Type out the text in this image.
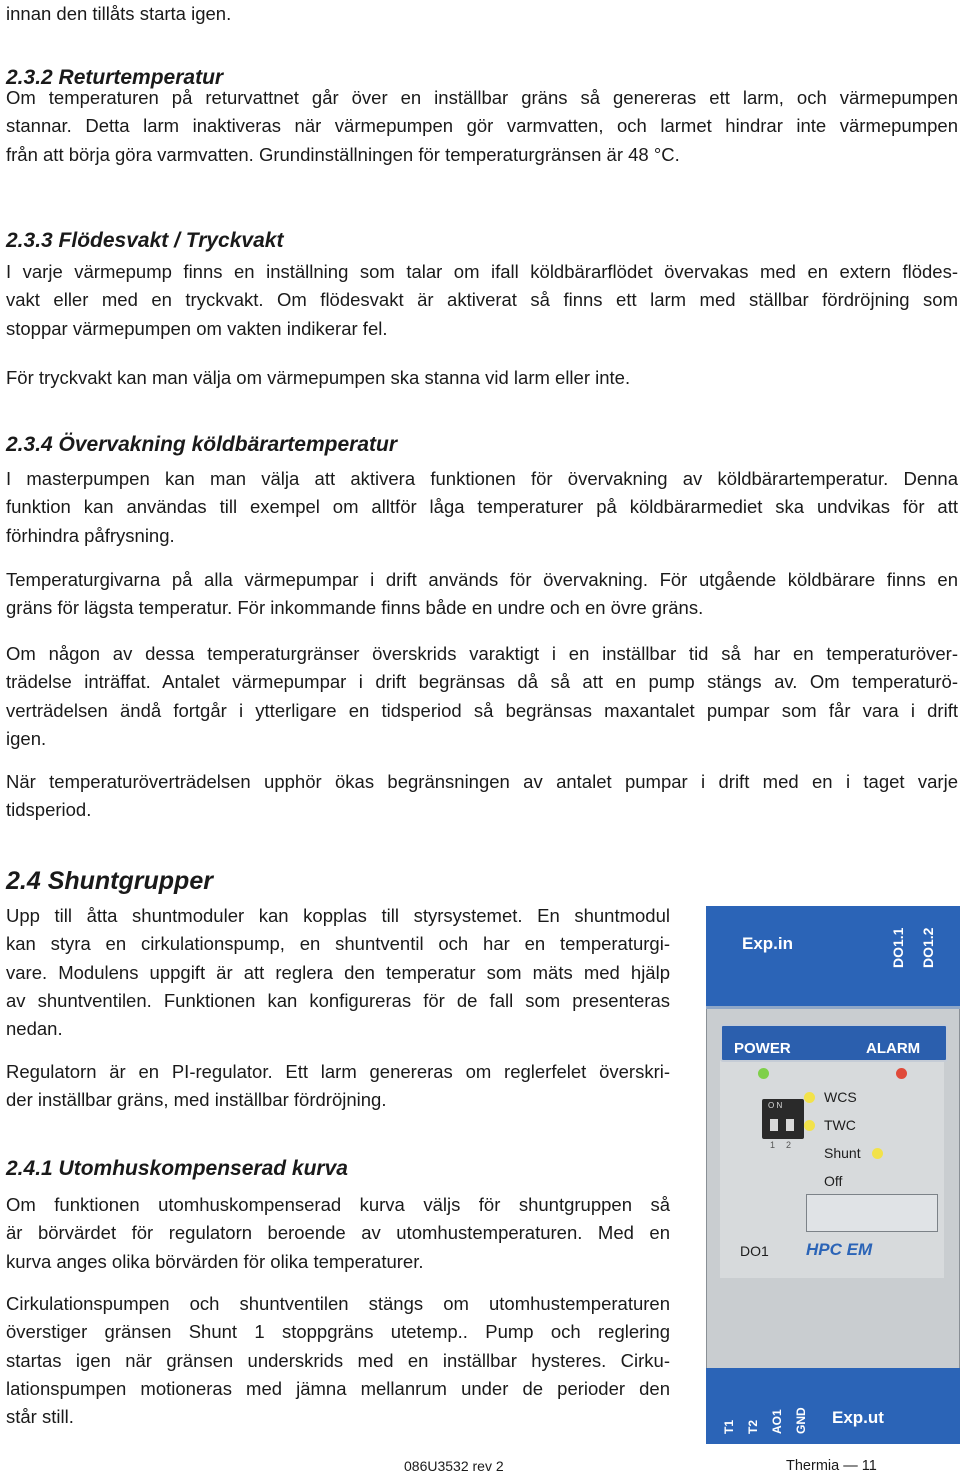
innan den tillåts starta igen.
2.3.2 Returtemperatur
Om temperaturen på returvattnet går över en inställbar gräns så genereras ett larm, och värmepumpen
stannar. Detta larm inaktiveras när värmepumpen gör varmvatten, och larmet hindrar inte värmepumpen
från att börja göra varmvatten. Grundinställningen för temperaturgränsen är 48 °C.
2.3.3 Flödesvakt / Tryckvakt
I varje värmepump finns en inställning som talar om ifall köldbärarflödet övervakas med en extern flödes-
vakt eller med en tryckvakt. Om flödesvakt är aktiverat så finns ett larm med ställbar fördröjning som
stoppar värmepumpen om vakten indikerar fel.
För tryckvakt kan man välja om värmepumpen ska stanna vid larm eller inte.
2.3.4 Övervakning köldbärartemperatur
I masterpumpen kan man välja att aktivera funktionen för övervakning av köldbärartemperatur. Denna
funktion kan användas till exempel om alltför låga temperaturer på köldbärarmediet ska undvikas för att
förhindra påfrysning.
Temperaturgivarna på alla värmepumpar i drift används för övervakning. För utgående köldbärare finns en
gräns för lägsta temperatur. För inkommande finns både en undre och en övre gräns.
Om någon av dessa temperaturgränser överskrids varaktigt i en inställbar tid så har en temperaturöver-
trädelse inträffat. Antalet värmepumpar i drift begränsas då så att en pump stängs av. Om temperaturö-
verträdelsen ändå fortgår i ytterligare en tidsperiod så begränsas maxantalet pumpar som får vara i drift
igen.
När temperaturöverträdelsen upphör ökas begränsningen av antalet pumpar i drift med en i taget varje
tidsperiod.
2.4 Shuntgrupper
Upp till åtta shuntmoduler kan kopplas till styrsystemet. En shuntmodul
kan styra en cirkulationspump, en shuntventil och har en temperaturgi-
vare. Modulens uppgift är att reglera den temperatur som mäts med hjälp
av shuntventilen. Funktionen kan konfigureras för de fall som presenteras
nedan.
Regulatorn är en PI-regulator. Ett larm genereras om reglerfelet överskri-
der inställbar gräns, med inställbar fördröjning.
2.4.1 Utomhuskompenserad kurva
Om funktionen utomhuskompenserad kurva väljs för shuntgruppen så
är börvärdet för regulatorn beroende av utomhustemperaturen. Med en
kurva anges olika börvärden för olika temperaturer.
Cirkulationspumpen och shuntventilen stängs om utomhustemperaturen
överstiger gränsen Shunt 1 stoppgräns utetemp.. Pump och reglering
startas igen när gränsen underskrids med en inställbar hysteres. Cirku-
lationspumpen motioneras med jämna mellanrum under de perioder den
står still.
Exp.in	DO1.1 DO1.2
POWER	ALARM
O N
1 2
WCS
TWC
Shunt
Off
DO1 HPC EM
T1 T2 AO1 GND Exp.ut
086U3532 rev 2	Thermia — 11
